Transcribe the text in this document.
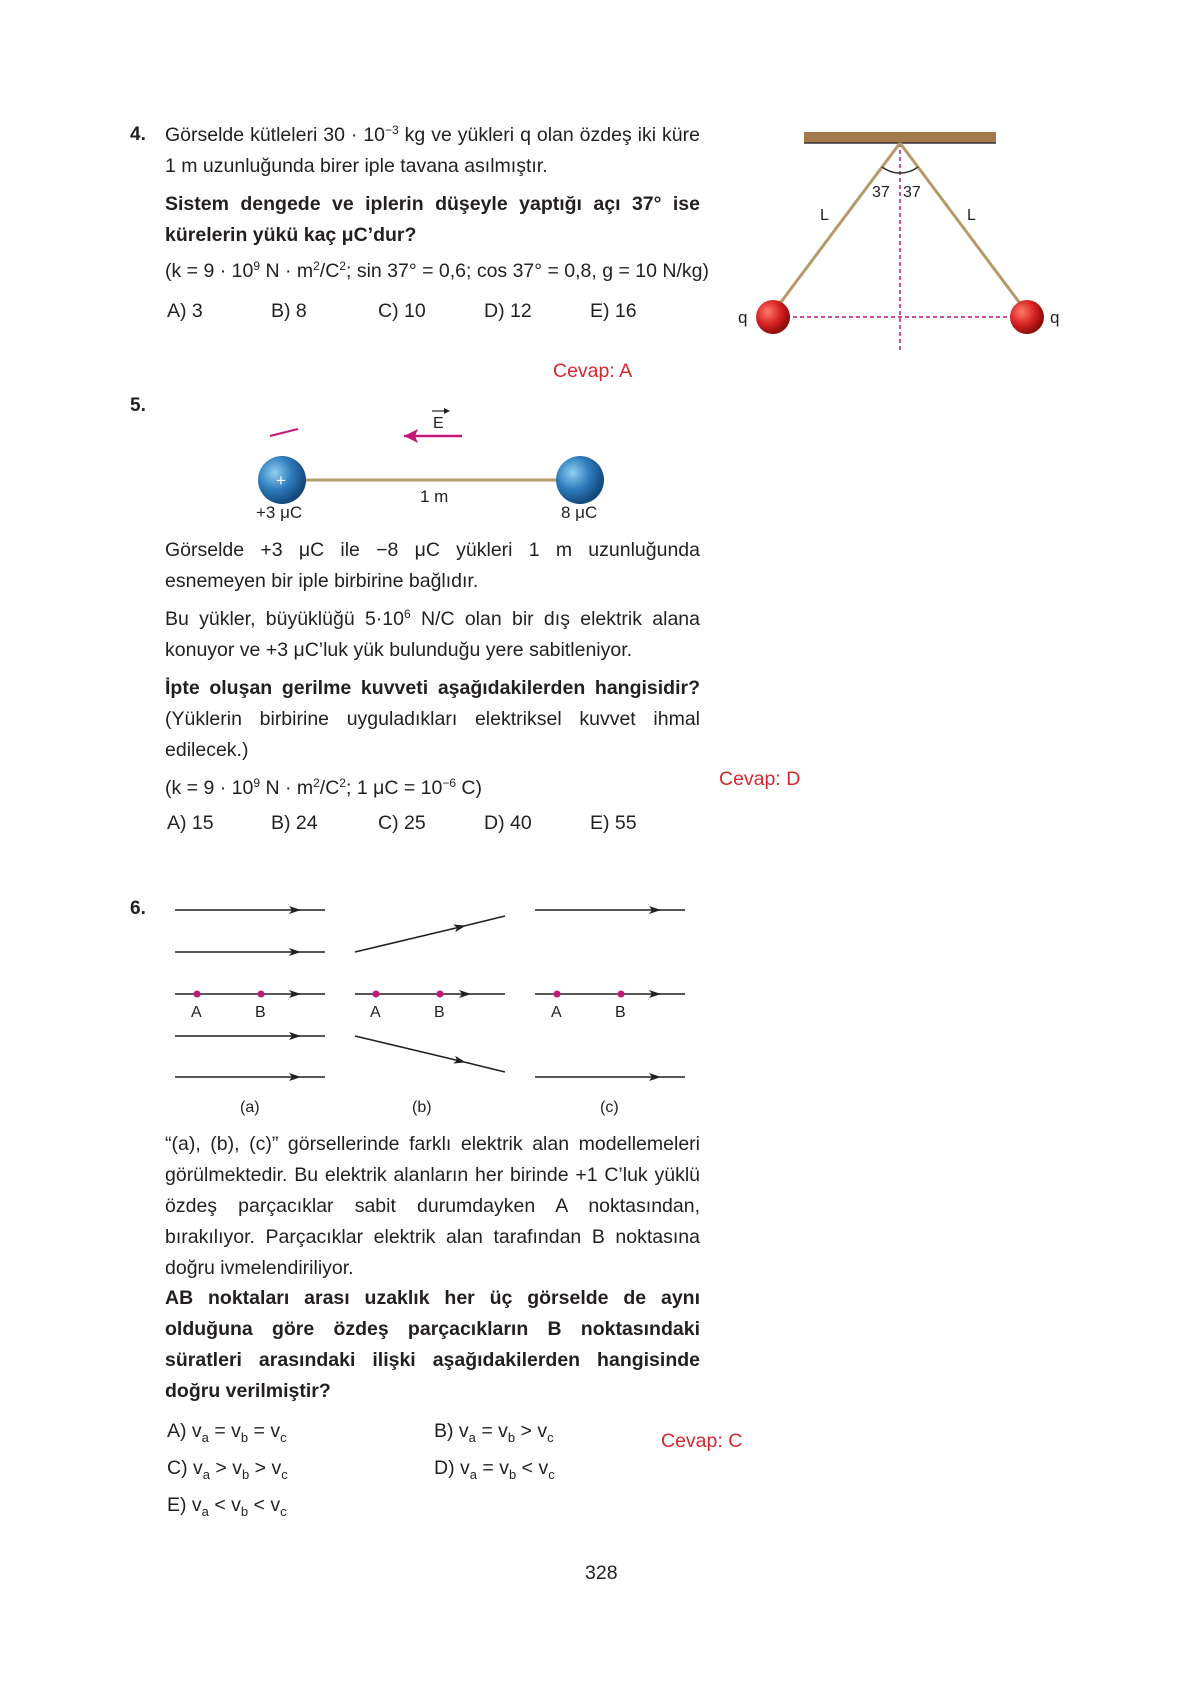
4. Görselde kütleleri $30 \cdot 10^{-3}$ kg ve yükleri q olan özdeş iki küre 1 m uzunluğunda birer iple tavana asılmıştır.
Sistem dengede ve iplerin düşeyle yaptığı açı 37° ise kürelerin yükü kaç μC’dur?
($k = 9 \cdot 10^9$ $N \cdot m^2/C^2$; sin 37° = 0,6; cos 37° = 0,8, g = 10 N/kg)
A) 3	B) 8	C) 10	D) 12	E) 16
Cevap: A
37 37
L	L
q	q
5.
E
+
1 m
+3 μC	8 μC
Görselde +3 μC ile −8 μC yükleri 1 m uzunluğunda esnemeyen bir iple birbirine bağlıdır.
Bu yükler, büyüklüğü $5\cdot 10^6$ N/C olan bir dış elektrik alana konuyor ve +3 μC’luk yük bulunduğu yere sabitleniyor.
İpte oluşan gerilme kuvveti aşağıdakilerden hangisidir? (Yüklerin birbirine uyguladıkları elektriksel kuvvet ihmal edilecek.)
($k = 9 \cdot 10^9$ $N \cdot m^2/C^2$; 1 $\mu C = 10^{-6}$ C)	Cevap: D
A) 15	B) 24	C) 25	D) 40	E) 55
6.
A	B
(a)
A	B
(b)
A	B
(c)
“(a), (b), (c)” görsellerinde farklı elektrik alan modellemeleri görülmektedir. Bu elektrik alanların her birinde +1 C’luk yüklü özdeş parçacıklar sabit durumdayken A noktasından, bırakılıyor. Parçacıklar elektrik alan tarafından B noktasına doğru ivmelendiriliyor.
AB noktaları arası uzaklık her üç görselde de aynı olduğuna göre özdeş parçacıkların B noktasındaki süratleri arasındaki ilişki aşağıdakilerden hangisinde doğru verilmiştir?
A) $v_a = v_b = v_c$	B) $v_a = v_b > v_c$	Cevap: C
C) $v_a > v_b > v_c$	D) $v_a = v_b < v_c$
E) $v_a < v_b < v_c$
328
